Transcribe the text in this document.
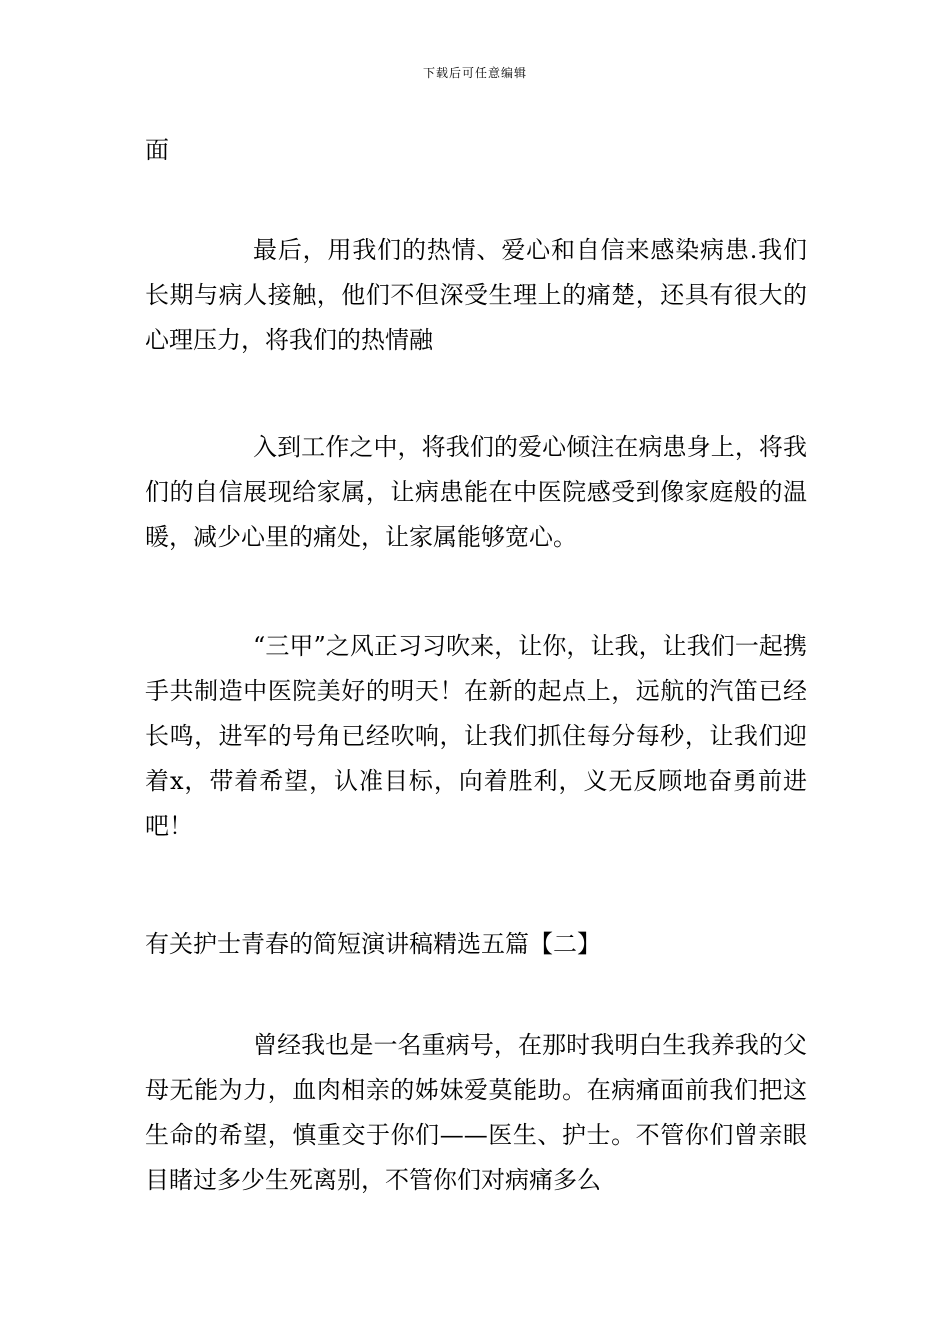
下载后可任意编辑

面

最后，用我们的热情、爱心和自信来感染病患.我们长期与病人接触，他们不但深受生理上的痛楚，还具有很大的心理压力，将我们的热情融

入到工作之中，将我们的爱心倾注在病患身上，将我们的自信展现给家属，让病患能在中医院感受到像家庭般的温暖，减少心里的痛处，让家属能够宽心。

“三甲”之风正习习吹来，让你，让我，让我们一起携手共制造中医院美好的明天！在新的起点上，远航的汽笛已经长鸣，进军的号角已经吹响，让我们抓住每分每秒，让我们迎着x，带着希望，认准目标，向着胜利，义无反顾地奋勇前进吧！

有关护士青春的简短演讲稿精选五篇【二】

曾经我也是一名重病号，在那时我明白生我养我的父母无能为力，血肉相亲的姊妹爱莫能助。在病痛面前我们把这生命的希望，慎重交于你们——医生、护士。不管你们曾亲眼目睹过多少生死离别，不管你们对病痛多么
